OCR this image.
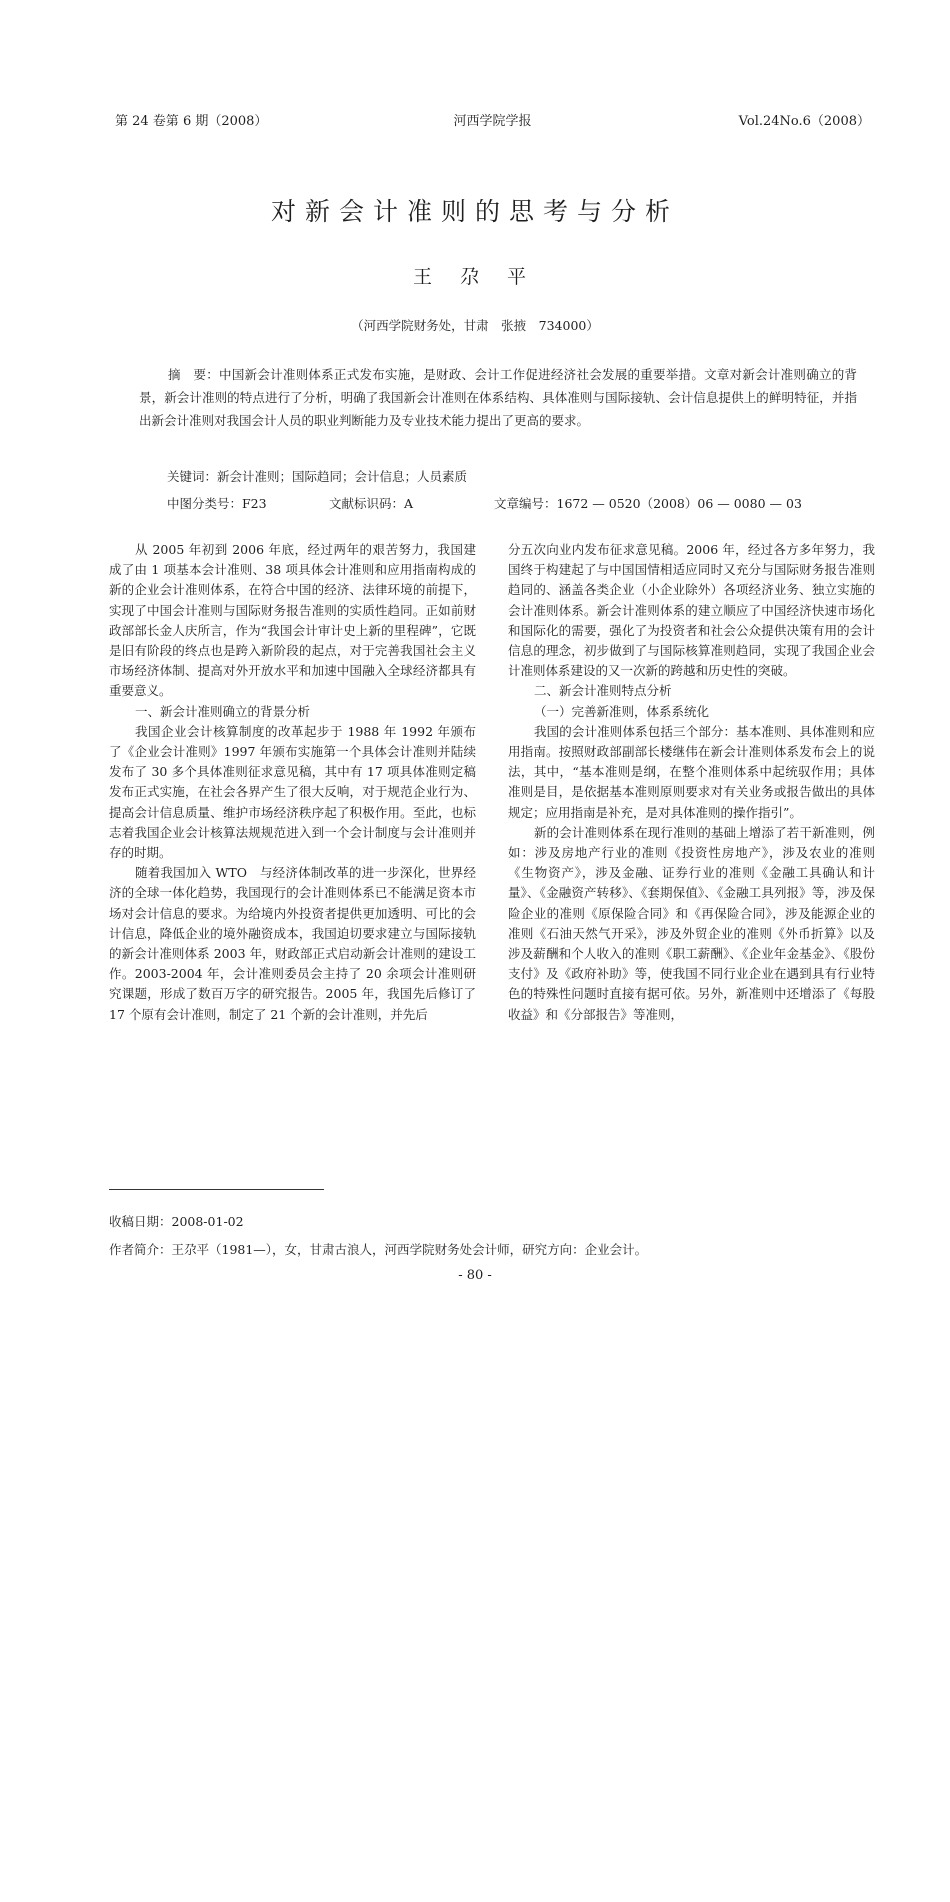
第 24 卷第 6 期（2008）	河西学院学报	Vol.24No.6（2008）
对新会计准则的思考与分析
王 尕 平
（河西学院财务处，甘肃　张掖　734000）
摘　要：中国新会计准则体系正式发布实施，是财政、会计工作促进经济社会发展的重要举措。文章对新会计准则确立的背景，新会计准则的特点进行了分析，明确了我国新会计准则在体系结构、具体准则与国际接轨、会计信息提供上的鲜明特征，并指出新会计准则对我国会计人员的职业判断能力及专业技术能力提出了更高的要求。
关键词：新会计准则；国际趋同；会计信息；人员素质
中图分类号：F23	文献标识码：A	文章编号：1672 — 0520（2008）06 — 0080 — 03

从 2005 年初到 2006 年底，经过两年的艰苦努力，我国建成了由 1 项基本会计准则、38 项具体会计准则和应用指南构成的新的企业会计准则体系，在符合中国的经济、法律环境的前提下，实现了中国会计准则与国际财务报告准则的实质性趋同。正如前财政部部长金人庆所言，作为“我国会计审计史上新的里程碑”，它既是旧有阶段的终点也是跨入新阶段的起点，对于完善我国社会主义市场经济体制、提高对外开放水平和加速中国融入全球经济都具有重要意义。

一、新会计准则确立的背景分析

我国企业会计核算制度的改革起步于 1988 年 1992 年颁布了《企业会计准则》1997 年颁布实施第一个具体会计准则并陆续发布了 30 多个具体准则征求意见稿，其中有 17 项具体准则定稿发布正式实施，在社会各界产生了很大反响，对于规范企业行为、提高会计信息质量、维护市场经济秩序起了积极作用。至此，也标志着我国企业会计核算法规规范进入到一个会计制度与会计准则并存的时期。

随着我国加入 WTO　与经济体制改革的进一步深化，世界经济的全球一体化趋势，我国现行的会计准则体系已不能满足资本市场对会计信息的要求。为给境内外投资者提供更加透明、可比的会计信息，降低企业的境外融资成本，我国迫切要求建立与国际接轨的新会计准则体系 2003 年，财政部正式启动新会计准则的建设工作。2003-2004 年，会计准则委员会主持了 20 余项会计准则研究课题，形成了数百万字的研究报告。2005 年，我国先后修订了 17 个原有会计准则，制定了 21 个新的会计准则，并先后

分五次向业内发布征求意见稿。2006 年，经过各方多年努力，我国终于构建起了与中国国情相适应同时又充分与国际财务报告准则趋同的、涵盖各类企业（小企业除外）各项经济业务、独立实施的会计准则体系。新会计准则体系的建立顺应了中国经济快速市场化和国际化的需要，强化了为投资者和社会公众提供决策有用的会计信息的理念，初步做到了与国际核算准则趋同，实现了我国企业会计准则体系建设的又一次新的跨越和历史性的突破。

二、新会计准则特点分析

（一）完善新准则，体系系统化

我国的会计准则体系包括三个部分：基本准则、具体准则和应用指南。按照财政部副部长楼继伟在新会计准则体系发布会上的说法，其中，“基本准则是纲，在整个准则体系中起统驭作用；具体准则是目，是依据基本准则原则要求对有关业务或报告做出的具体规定；应用指南是补充，是对具体准则的操作指引”。

新的会计准则体系在现行准则的基础上增添了若干新准则，例如：涉及房地产行业的准则《投资性房地产》，涉及农业的准则《生物资产》，涉及金融、证券行业的准则《金融工具确认和计量》、《金融资产转移》、《套期保值》、《金融工具列报》等，涉及保险企业的准则《原保险合同》和《再保险合同》，涉及能源企业的准则《石油天然气开采》，涉及外贸企业的准则《外币折算》以及涉及薪酬和个人收入的准则《职工薪酬》、《企业年金基金》、《股份支付》及《政府补助》等，使我国不同行业企业在遇到具有行业特色的特殊性问题时直接有据可依。另外，新准则中还增添了《每股收益》和《分部报告》等准则，

收稿日期：2008-01-02
作者简介：王尕平（1981—），女，甘肃古浪人，河西学院财务处会计师，研究方向：企业会计。
- 80 -
